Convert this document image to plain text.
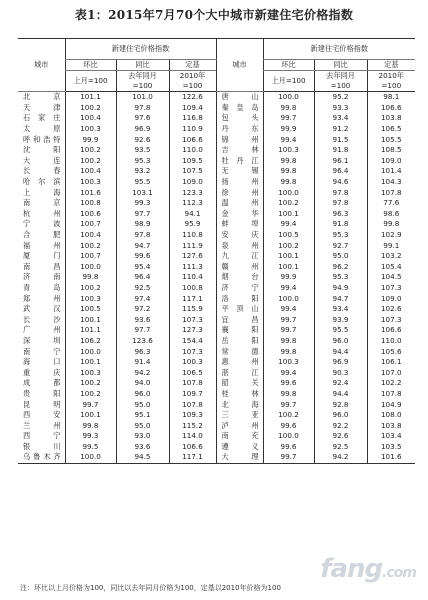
表1：2015年7月70个大中城市新建住宅价格指数
城市	新建住宅价格指数			城市	新建住宅价格指数		
	环比	同比	定基		环比	同比	定基
	上月=100	去年同月=100	2010年=100		上月=100	去年同月=100	2010年=100

北　京	101.1	101.0	122.6	唐　山	100.0	95.2	98.1
天　津	100.2	97.8	109.4	秦皇岛	99.8	93.3	106.6
石家庄	100.4	97.6	116.8	包　头	99.7	93.4	103.8
太　原	100.3	96.9	110.9	丹　东	99.9	91.2	106.5
呼和浩特	99.9	92.6	106.6	锦　州	99.4	91.5	105.5
沈　阳	100.2	93.5	110.0	吉　林	100.3	91.8	108.5
大　连	100.2	95.3	109.5	牡丹江	99.8	96.1	109.0
长　春	100.4	93.2	107.5	无　锡	99.8	96.4	101.4
哈尔滨	100.3	95.5	109.0	扬　州	99.8	94.6	104.3
上　海	101.6	103.1	123.3	徐　州	100.0	97.8	107.8
南　京	100.8	99.3	112.3	温　州	100.2	97.8	77.6
杭　州	100.6	97.7	94.1	金　华	100.1	96.3	98.6
宁　波	100.7	98.9	95.9	蚌　埠	99.4	91.8	99.8
合　肥	100.4	97.8	110.8	安　庆	100.5	95.3	102.9
福　州	100.2	94.7	111.9	泉　州	100.2	92.7	99.1
厦　门	100.7	99.6	127.6	九　江	100.1	95.0	103.2
南　昌	100.0	95.4	111.3	赣　州	100.1	96.2	105.4
济　南	99.8	96.4	110.4	烟　台	99.9	95.3	104.5
青　岛	100.2	92.5	100.8	济　宁	99.4	94.9	107.3
郑　州	100.3	97.4	117.1	洛　阳	100.0	94.7	109.0
武　汉	100.5	97.2	115.9	平顶山	99.4	93.4	102.6
长　沙	100.1	93.6	107.3	宜　昌	99.7	93.9	107.3
广　州	101.1	97.7	127.3	襄　阳	99.7	95.5	106.6
深　圳	106.2	123.6	154.4	岳　阳	99.8	96.0	110.0
南　宁	100.0	96.3	107.3	常　德	99.8	94.4	105.6
海　口	100.1	91.4	100.3	惠　州	100.3	96.9	106.1
重　庆	100.3	94.2	106.5	湛　江	99.4	90.3	107.0
成　都	100.2	94.0	107.8	韶　关	99.6	92.4	102.2
贵　阳	100.2	96.0	109.7	桂　林	99.8	94.4	107.8
昆　明	99.7	95.0	107.8	北　海	99.7	92.8	104.9
西　安	100.1	95.1	109.3	三　亚	100.2	96.0	108.0
兰　州	99.8	95.0	115.2	泸　州	99.6	92.2	103.8
西　宁	99.3	93.0	114.0	南　充	100.0	92.6	103.4
银　川	99.5	93.6	106.6	遵　义	99.6	92.5	103.5
乌鲁木齐	100.0	94.5	117.1	大　理	99.7	94.2	101.6
注：环比以上月价格为100，同比以去年同月价格为100，定基以2010年价格为100
fang.com
